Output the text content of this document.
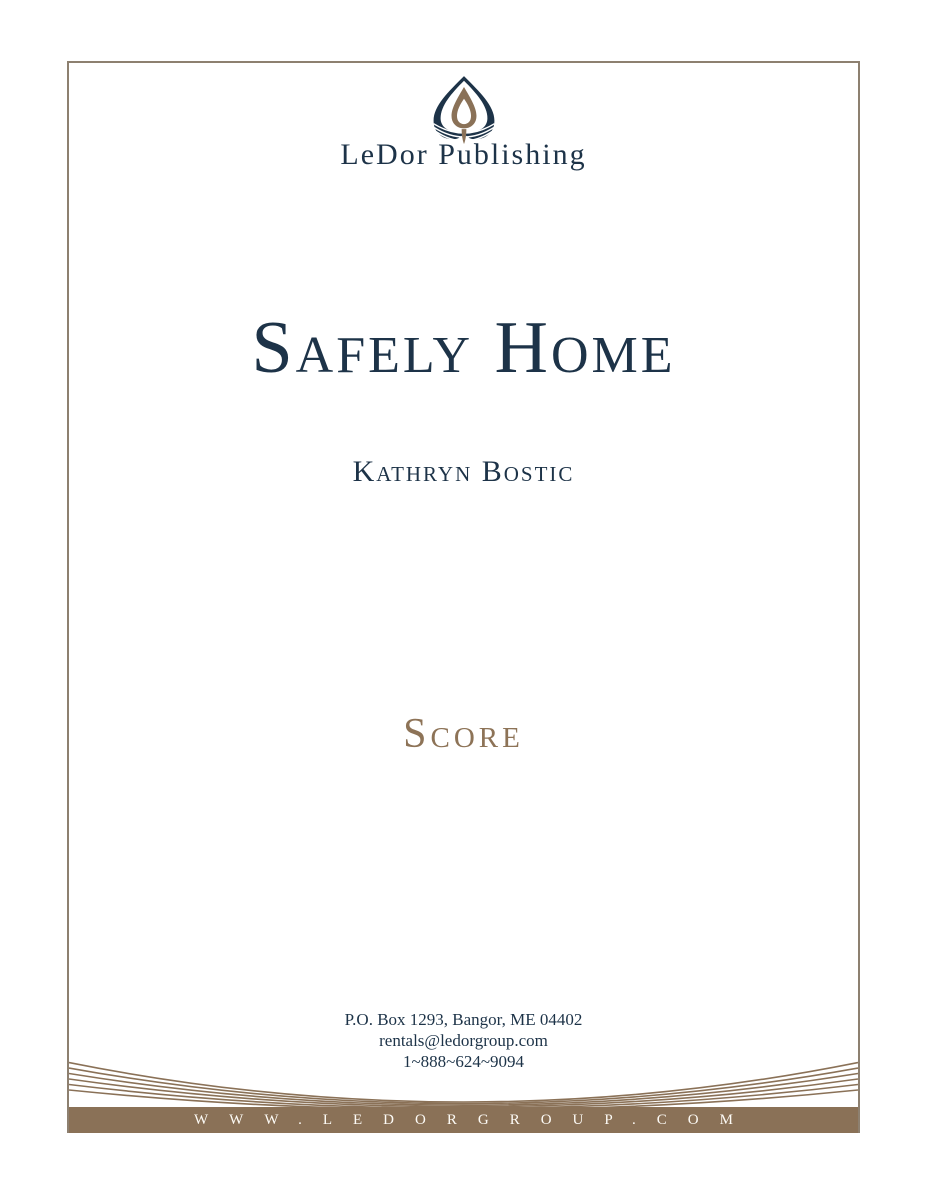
LeDor Publishing
Safely Home
Kathryn Bostic
Score
P.O. Box 1293, Bangor, ME 04402
rentals@ledorgroup.com
1~888~624~9094
WWW.LEDORGROUP.COM
